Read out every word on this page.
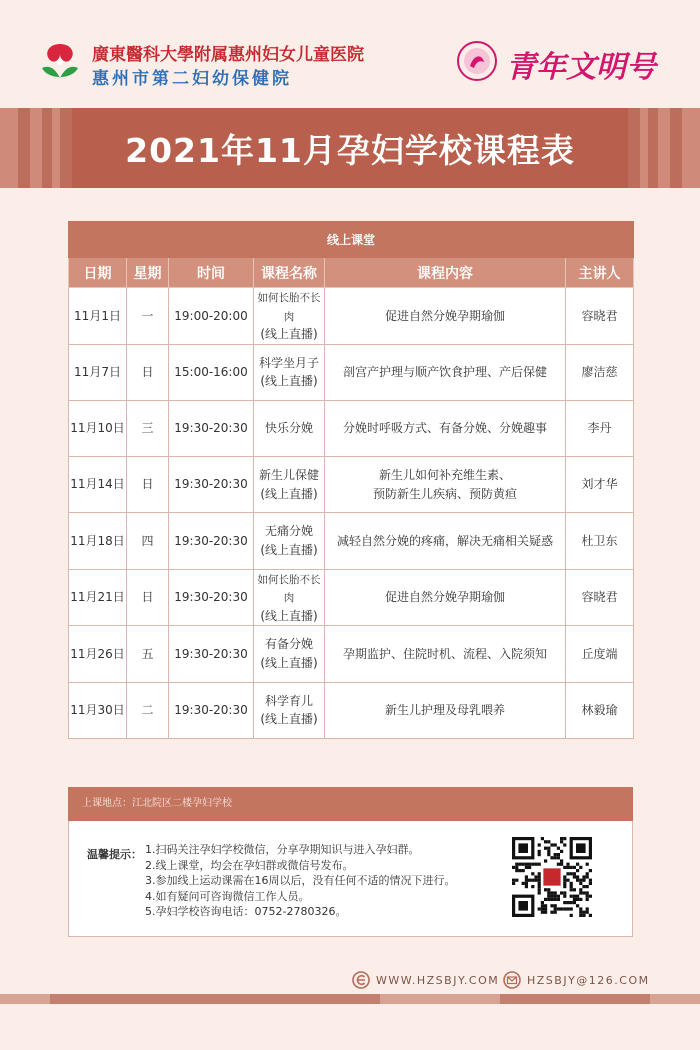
廣東醫科大學附属惠州妇女儿童医院
惠州市第二妇幼保健院	青年文明号
2021年11月孕妇学校课程表
线上课堂					
日期	星期	时间	课程名称	课程内容	主讲人
11月1日	一	19:00-20:00	如何长胎不长肉
(线上直播)	促进自然分娩孕期瑜伽	容晓君
11月7日	日	15:00-16:00	科学坐月子
(线上直播)	剖宫产护理与顺产饮食护理、产后保健	廖洁慈
11月10日	三	19:30-20:30	快乐分娩	分娩时呼吸方式、有备分娩、分娩趣事	李丹
11月14日	日	19:30-20:30	新生儿保健
(线上直播)	新生儿如何补充维生素、
预防新生儿疾病、预防黄疸	刘才华
11月18日	四	19:30-20:30	无痛分娩
(线上直播)	减轻自然分娩的疼痛，解决无痛相关疑惑	杜卫东
11月21日	日	19:30-20:30	如何长胎不长肉
(线上直播)	促进自然分娩孕期瑜伽	容晓君
11月26日	五	19:30-20:30	有备分娩
(线上直播)	孕期监护、住院时机、流程、入院须知	丘度端
11月30日	二	19:30-20:30	科学育儿
(线上直播)	新生儿护理及母乳喂养	林毅瑜
上课地点：江北院区二楼孕妇学校
温馨提示： 1.扫码关注孕妇学校微信，分享孕期知识与进入孕妇群。
2.线上课堂，均会在孕妇群或微信号发布。
3.参加线上运动课需在16周以后，没有任何不适的情况下进行。
4.如有疑问可咨询微信工作人员。
5.孕妇学校咨询电话：0752-2780326。
WWW.HZSBJY.COM	HZSBJY@126.COM
